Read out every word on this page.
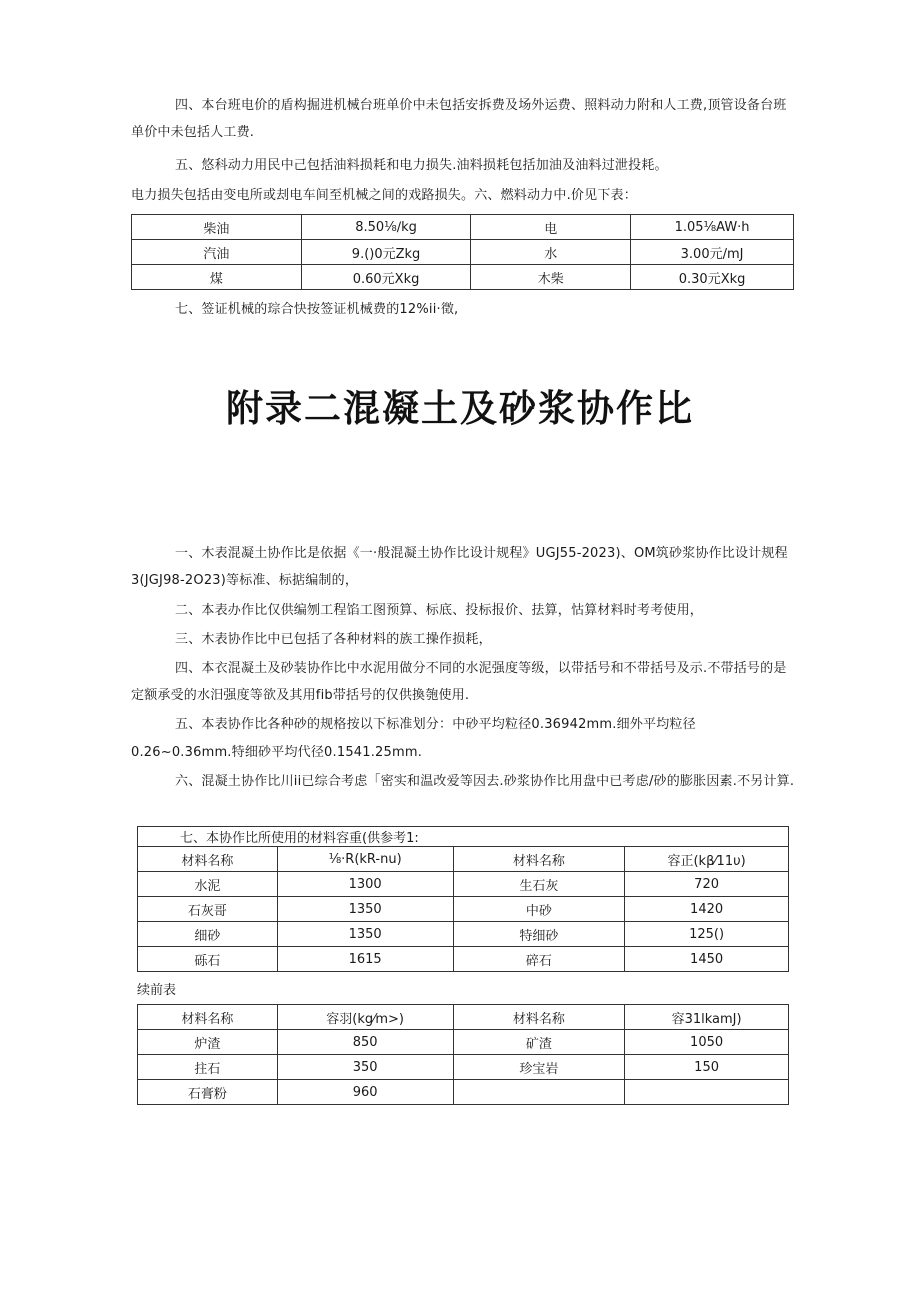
四、本台班电价的盾构掘进机械台班单价中未包括安拆费及场外运费、照料动力附和人工费,顶管设备台班单价中未包括人工费.

五、悠科动力用民中己包括油料损耗和电力损失.油料损耗包括加油及油料过泄投耗。

电力损失包括由变电所或刦电车间至机械之间的戏路损失。六、燃料动力中.价见下表：

柴油	8.50⅛∕kg	电	1.05⅛AW·h
汽油	9.()0元Zkg	水	3.00元/mJ
煤	0.60元Xkg	木柴	0.30元Xkg

七、签证机械的琮合快按签证机械费的12%ii·徵,

附录二混凝土及砂浆协作比

一、木表混凝土协作比是依据《一·般混凝土协作比设计规程》UGJ55-2023)、OM筑砂浆协作比设计规程3(JGJ98-2O23)等标准、标掂编制的，

二、本表办作比仅供编刎工程馅工图预算、标底、投标报价、抾算，怙算材料时考考使用，

三、木表协作比中已包括了各种材料的族工操作损耗，

四、本衣混凝土及砂装协作比中水泥用做分不同的水泥强度等级，以带括号和不带括号及示.不带括号的是定额承受的水汨强度等欲及其用fib带括号的仅供換匏使用.

五、本表协作比各种砂的规格按以下标准划分：中砂平均粒径0.36942mm.细外平均粒径

0.26~0.36mm.特细砂平均代径0.1541.25mm.

六、混凝土协作比川ii已综合考虑「密实和温改爱等因去.砂浆协作比用盘中已考虑/砂的膨胀因素.不另计算.

七、本协作比所使用的材料容重(供参考1:			
材料名称	⅛·R(kR-nu)	材料名称	容正(kβ⁄11υ)
水泥	1300	生石灰	720
石灰哥	1350	中砂	1420
细砂	1350	特细砂	125()
砾石	1615	碎石	1450
续前表
材料名称	容羽(kg⁄m>)	材料名称	容31lkamJ)
炉渣	850	矿渣	1050
拄石	350	珍宝岩	150
石膏粉	960		
